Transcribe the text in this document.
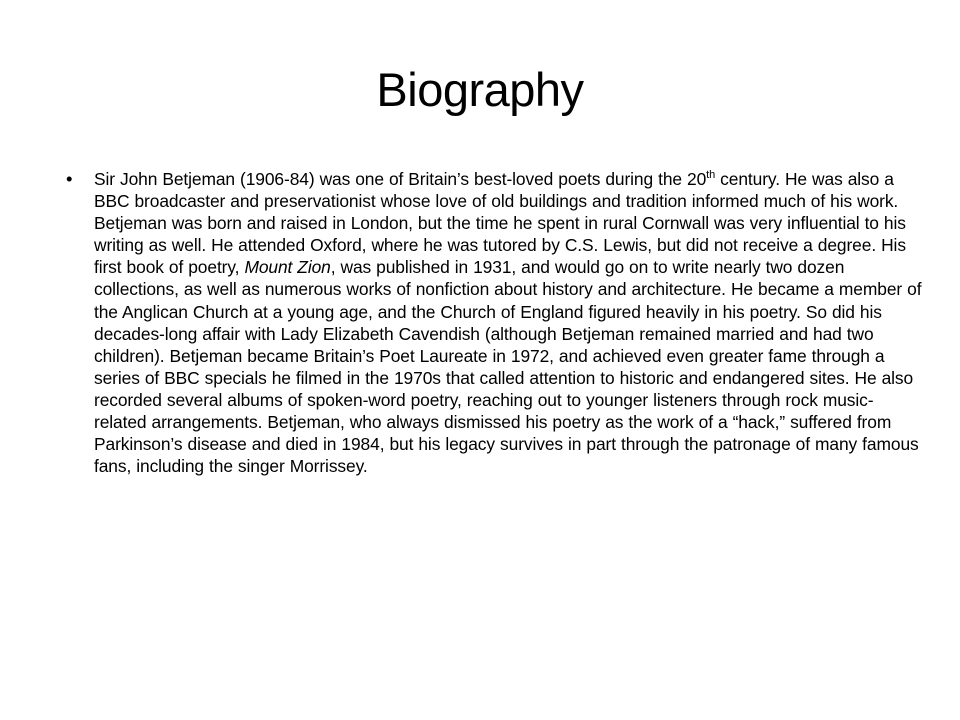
Biography
• Sir John Betjeman (1906-84) was one of Britain’s best-loved poets during the 20th century. He was also a BBC broadcaster and preservationist whose love of old buildings and tradition informed much of his work. Betjeman was born and raised in London, but the time he spent in rural Cornwall was very influential to his writing as well. He attended Oxford, where he was tutored by C.S. Lewis, but did not receive a degree. His first book of poetry, Mount Zion, was published in 1931, and would go on to write nearly two dozen collections, as well as numerous works of nonfiction about history and architecture. He became a member of the Anglican Church at a young age, and the Church of England figured heavily in his poetry. So did his decades-long affair with Lady Elizabeth Cavendish (although Betjeman remained married and had two children). Betjeman became Britain’s Poet Laureate in 1972, and achieved even greater fame through a series of BBC specials he filmed in the 1970s that called attention to historic and endangered sites. He also recorded several albums of spoken-word poetry, reaching out to younger listeners through rock music-related arrangements. Betjeman, who always dismissed his poetry as the work of a “hack,” suffered from Parkinson’s disease and died in 1984, but his legacy survives in part through the patronage of many famous fans, including the singer Morrissey.
